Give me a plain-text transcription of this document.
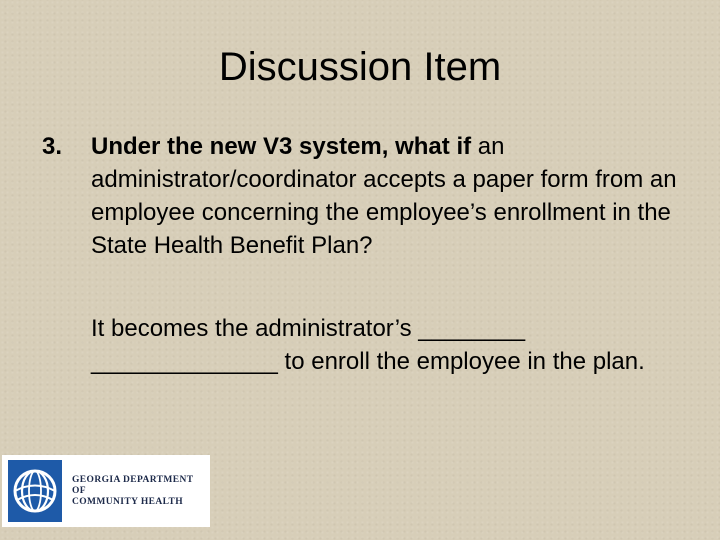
Discussion Item
3. Under the new V3 system, what if an administrator/coordinator accepts a paper form from an employee concerning the employee’s enrollment in the State Health Benefit Plan?
It becomes the administrator’s ________ ______________ to enroll the employee in the plan.
GEORGIA DEPARTMENT OF
COMMUNITY HEALTH
